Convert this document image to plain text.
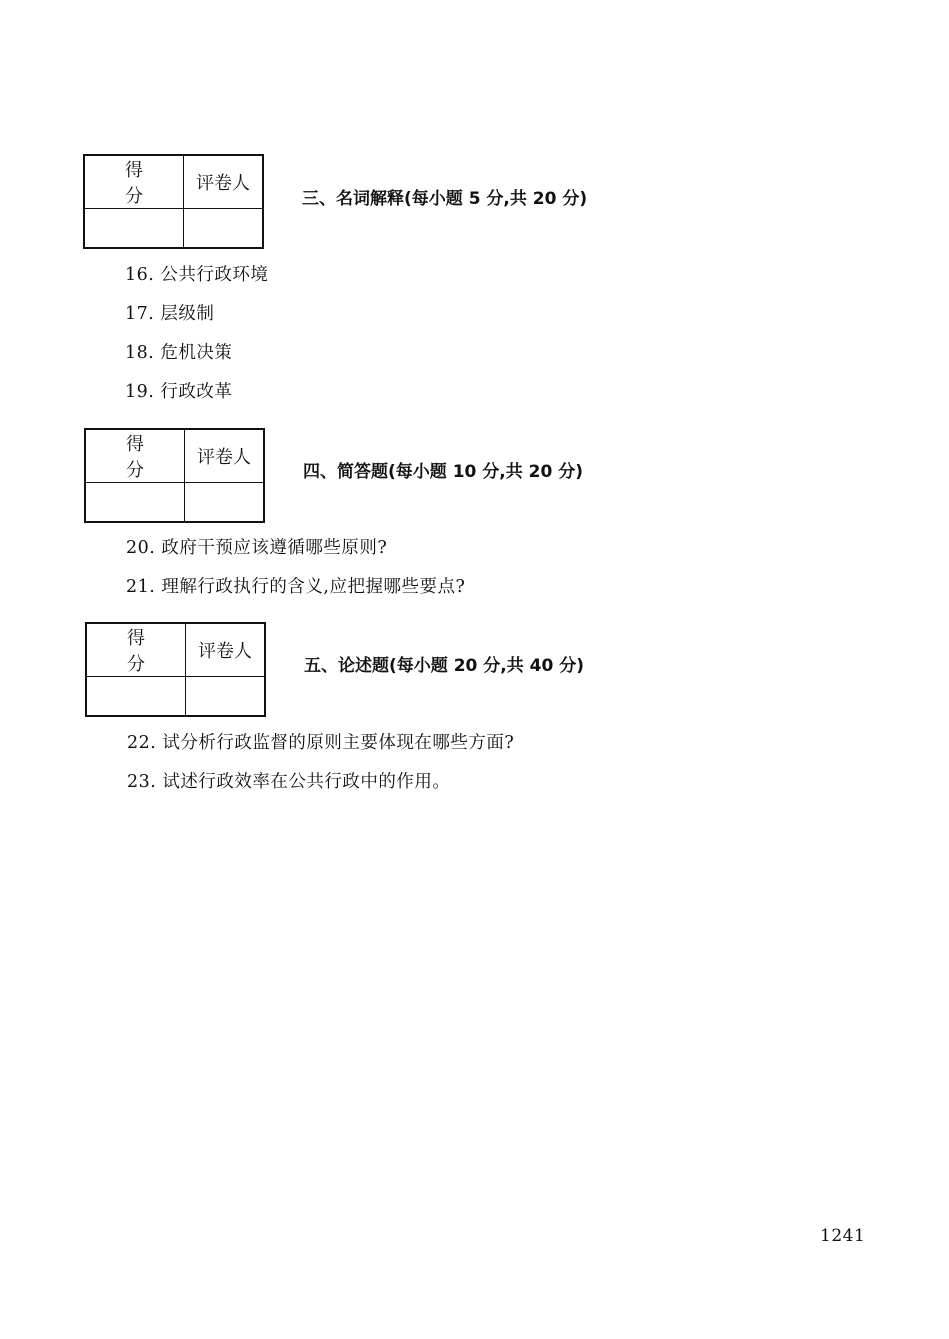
得 分	评卷人

三、名词解释(每小题 5 分,共 20 分)
16. 公共行政环境
17. 层级制
18. 危机决策
19. 行政改革
得 分	评卷人

四、简答题(每小题 10 分,共 20 分)
20. 政府干预应该遵循哪些原则?
21. 理解行政执行的含义,应把握哪些要点?
得 分	评卷人

五、论述题(每小题 20 分,共 40 分)
22. 试分析行政监督的原则主要体现在哪些方面?
23. 试述行政效率在公共行政中的作用。
1241
